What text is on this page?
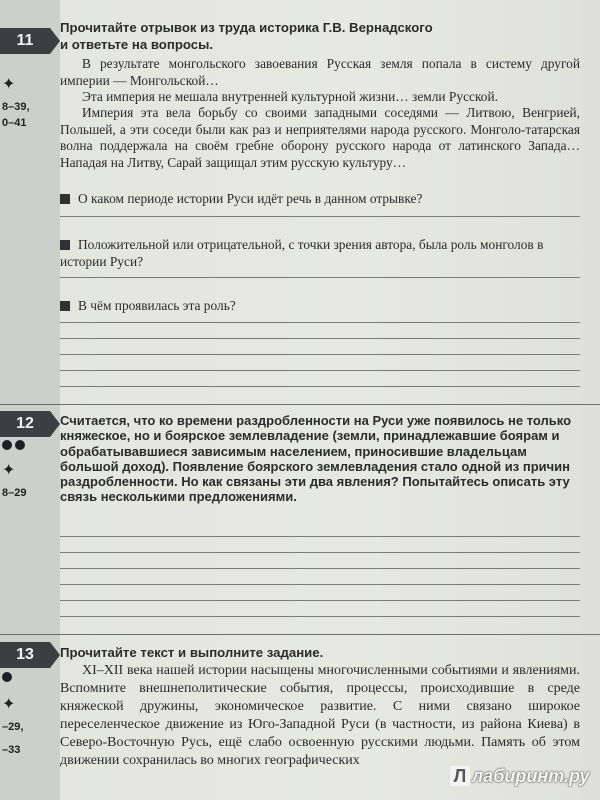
11
✦
8–39,
0–41
Прочитайте отрывок из труда историка Г.В. Вернадского
и ответьте на вопросы.
В результате монгольского завоевания Русская земля попала в систему другой империи — Монгольской…
Эта империя не мешала внутренней культурной жизни… земли Русской.
Империя эта вела борьбу со своими западными соседями — Литвою, Венгрией, Польшей, а эти соседи были как раз и неприятелями народа русского. Монголо-татарская волна поддержала на своём гребне оборону русского народа от латинского Запада… Нападая на Литву, Сарай защищал этим русскую культуру…
О каком периоде истории Руси идёт речь в данном отрывке?
Положительной или отрицательной, с точки зрения автора, была роль монголов в истории Руси?
В чём проявилась эта роль?
12
✦
8–29
Считается, что ко времени раздробленности на Руси уже появилось не только княжеское, но и боярское землевладение (земли, принадлежавшие боярам и обрабатывавшиеся зависимым населением, приносившие владельцам большой доход). Появление боярского землевладения стало одной из причин раздробленности. Но как связаны эти два явления? Попытайтесь описать эту связь несколькими предложениями.
13
✦
–29,
–33
Прочитайте текст и выполните задание.
XI–XII века нашей истории насыщены многочисленными событиями и явлениями. Вспомните внешнеполитические события, процессы, происходившие в среде княжеской дружины, экономическое развитие. С ними связано широкое переселенческое движение из Юго-Западной Руси (в частности, из района Киева) в Северо-Восточную Русь, ещё слабо освоенную русскими людьми. Память об этом движении сохранилась во многих географических
Л лабиринт.ру
